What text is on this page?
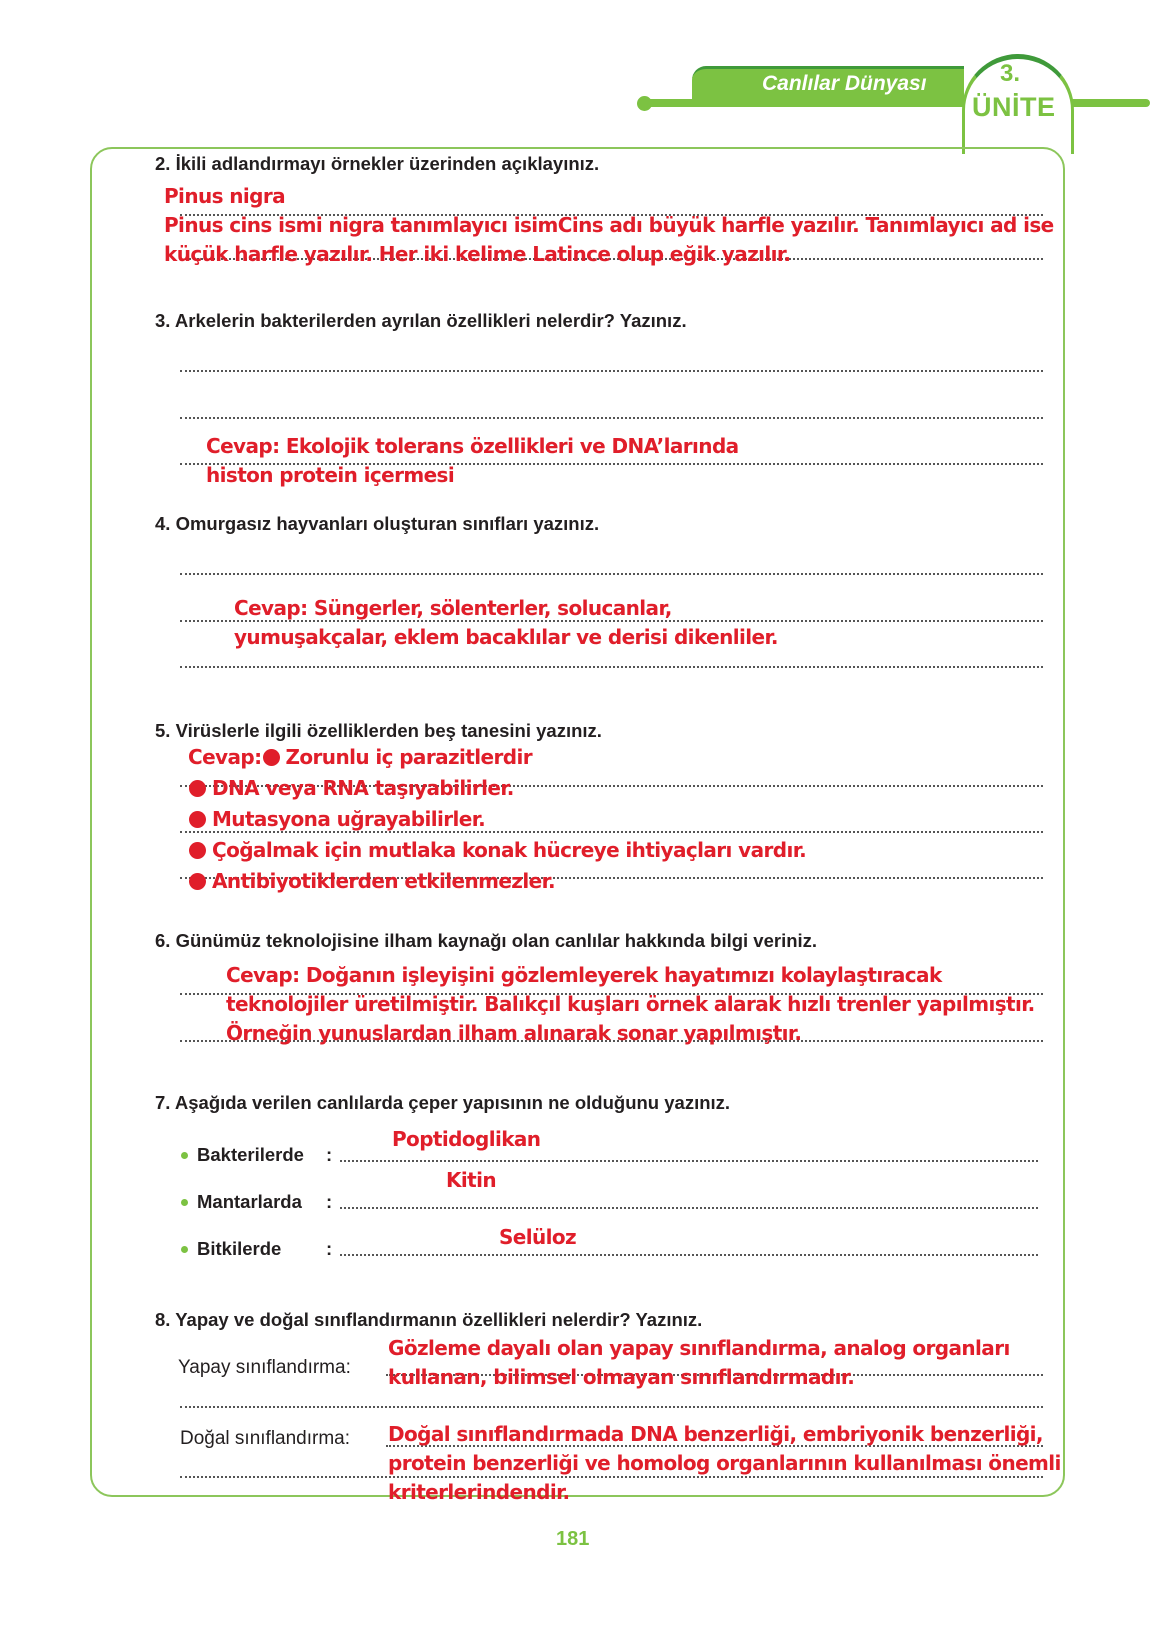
Canlılar Dünyası	3.
ÜNİTE
2. İkili adlandırmayı örnekler üzerinden açıklayınız.
Pinus nigra
Pinus cins ismi nigra tanımlayıcı isimCins adı büyük harfle yazılır. Tanımlayıcı ad ise
küçük harfle yazılır. Her iki kelime Latince olup eğik yazılır.
3. Arkelerin bakterilerden ayrılan özellikleri nelerdir? Yazınız.
Cevap: Ekolojik tolerans özellikleri ve DNA’larında
histon protein içermesi
4. Omurgasız hayvanları oluşturan sınıfları yazınız.
Cevap: Süngerler, sölenterler, solucanlar,
yumuşakçalar, eklem bacaklılar ve derisi dikenliler.
5. Virüslerle ilgili özelliklerden beş tanesini yazınız.
Cevap: Zorunlu iç parazitlerdir
DNA veya RNA taşıyabilirler.
Mutasyona uğrayabilirler.
Çoğalmak için mutlaka konak hücreye ihtiyaçları vardır.
Antibiyotiklerden etkilenmezler.
6. Günümüz teknolojisine ilham kaynağı olan canlılar hakkında bilgi veriniz.
Cevap: Doğanın işleyişini gözlemleyerek hayatımızı kolaylaştıracak
teknolojiler üretilmiştir. Balıkçıl kuşları örnek alarak hızlı trenler yapılmıştır.
Örneğin yunuslardan ilham alınarak sonar yapılmıştır.
7. Aşağıda verilen canlılarda çeper yapısının ne olduğunu yazınız.
Bakterilerde :
Poptidoglikan
Mantarlarda :
Kitin
Bitkilerde :	Selüloz
8. Yapay ve doğal sınıflandırmanın özellikleri nelerdir? Yazınız.
Yapay sınıflandırma:
Gözleme dayalı olan yapay sınıflandırma, analog organları
kullanan, bilimsel olmayan sınıflandırmadır.
Doğal sınıflandırma: Doğal sınıflandırmada DNA benzerliği, embriyonik benzerliği,
protein benzerliği ve homolog organlarının kullanılması önemli
kriterlerindendir.
181
